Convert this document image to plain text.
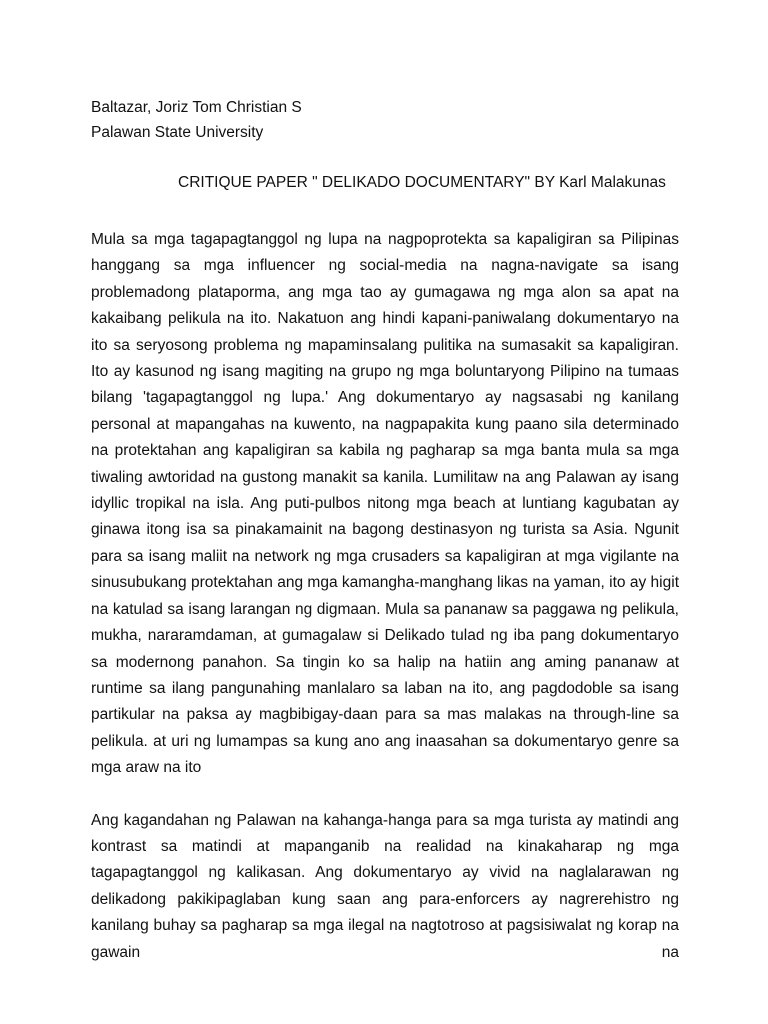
Baltazar, Joriz Tom Christian S
Palawan State University
CRITIQUE PAPER " DELIKADO DOCUMENTARY" BY Karl Malakunas

Mula sa mga tagapagtanggol ng lupa na nagpoprotekta sa kapaligiran sa Pilipinas hanggang sa mga influencer ng social-media na nagna-navigate sa isang problemadong plataporma, ang mga tao ay gumagawa ng mga alon sa apat na kakaibang pelikula na ito. Nakatuon ang hindi kapani-paniwalang dokumentaryo na ito sa seryosong problema ng mapaminsalang pulitika na sumasakit sa kapaligiran. Ito ay kasunod ng isang magiting na grupo ng mga boluntaryong Pilipino na tumaas bilang 'tagapagtanggol ng lupa.' Ang dokumentaryo ay nagsasabi ng kanilang personal at mapangahas na kuwento, na nagpapakita kung paano sila determinado na protektahan ang kapaligiran sa kabila ng pagharap sa mga banta mula sa mga tiwaling awtoridad na gustong manakit sa kanila. Lumilitaw na ang Palawan ay isang idyllic tropikal na isla. Ang puti-pulbos nitong mga beach at luntiang kagubatan ay ginawa itong isa sa pinakamainit na bagong destinasyon ng turista sa Asia. Ngunit para sa isang maliit na network ng mga crusaders sa kapaligiran at mga vigilante na sinusubukang protektahan ang mga kamangha-manghang likas na yaman, ito ay higit na katulad sa isang larangan ng digmaan. Mula sa pananaw sa paggawa ng pelikula, mukha, nararamdaman, at gumagalaw si Delikado tulad ng iba pang dokumentaryo sa modernong panahon. Sa tingin ko sa halip na hatiin ang aming pananaw at runtime sa ilang pangunahing manlalaro sa laban na ito, ang pagdodoble sa isang partikular na paksa ay magbibigay-daan para sa mas malakas na through-line sa pelikula. at uri ng lumampas sa kung ano ang inaasahan sa dokumentaryo genre sa mga araw na ito

Ang kagandahan ng Palawan na kahanga-hanga para sa mga turista ay matindi ang kontrast sa matindi at mapanganib na realidad na kinakaharap ng mga tagapagtanggol ng kalikasan. Ang dokumentaryo ay vivid na naglalarawan ng delikadong pakikipaglaban kung saan ang para-enforcers ay nagrerehistro ng kanilang buhay sa pagharap sa mga ilegal na nagtotroso at pagsisiwalat ng korap na gawain na
